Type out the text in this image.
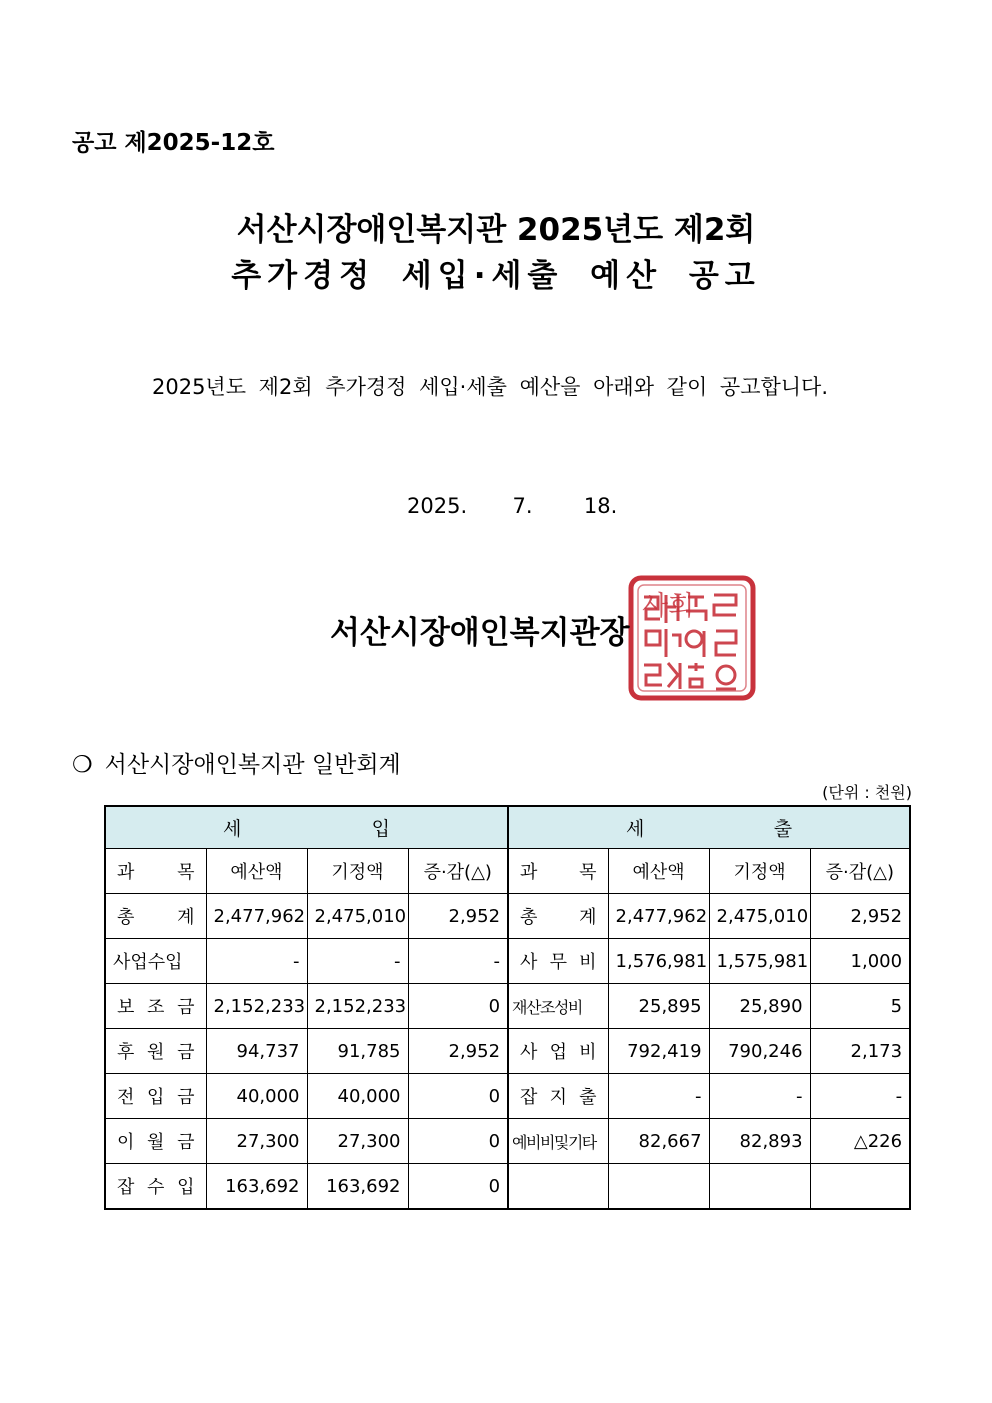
공고 제2025-12호
서산시장애인복지관 2025년도 제2회
추가경정 세입·세출 예산 공고
2025년도 제2회 추가경정 세입·세출 예산을 아래와 같이 공고합니다.
2025. 7. 18.
서산시장애인복지관장
사회
❍ 서산시장애인복지관 일반회계
(단위 : 천원)
세 입				세 출			

과 목	예산액	기정액	증·감(△)	과 목	예산액	기정액	증·감(△)

총 계	2,477,962	2,475,010	2,952	총 계	2,477,962	2,475,010	2,952
사업수입	-	-	-	사 무 비	1,576,981	1,575,981	1,000

보 조 금	2,152,233	2,152,233	0	재산조성비	25,895	25,890	5

후 원 금	94,737	91,785	2,952	사 업 비	792,419	790,246	2,173

전 입 금	40,000	40,000	0	잡 지 출	-	-	-

이 월 금	27,300	27,300	0	예비비및기타	82,667	82,893	△226

잡 수 입	163,692	163,692	0				
